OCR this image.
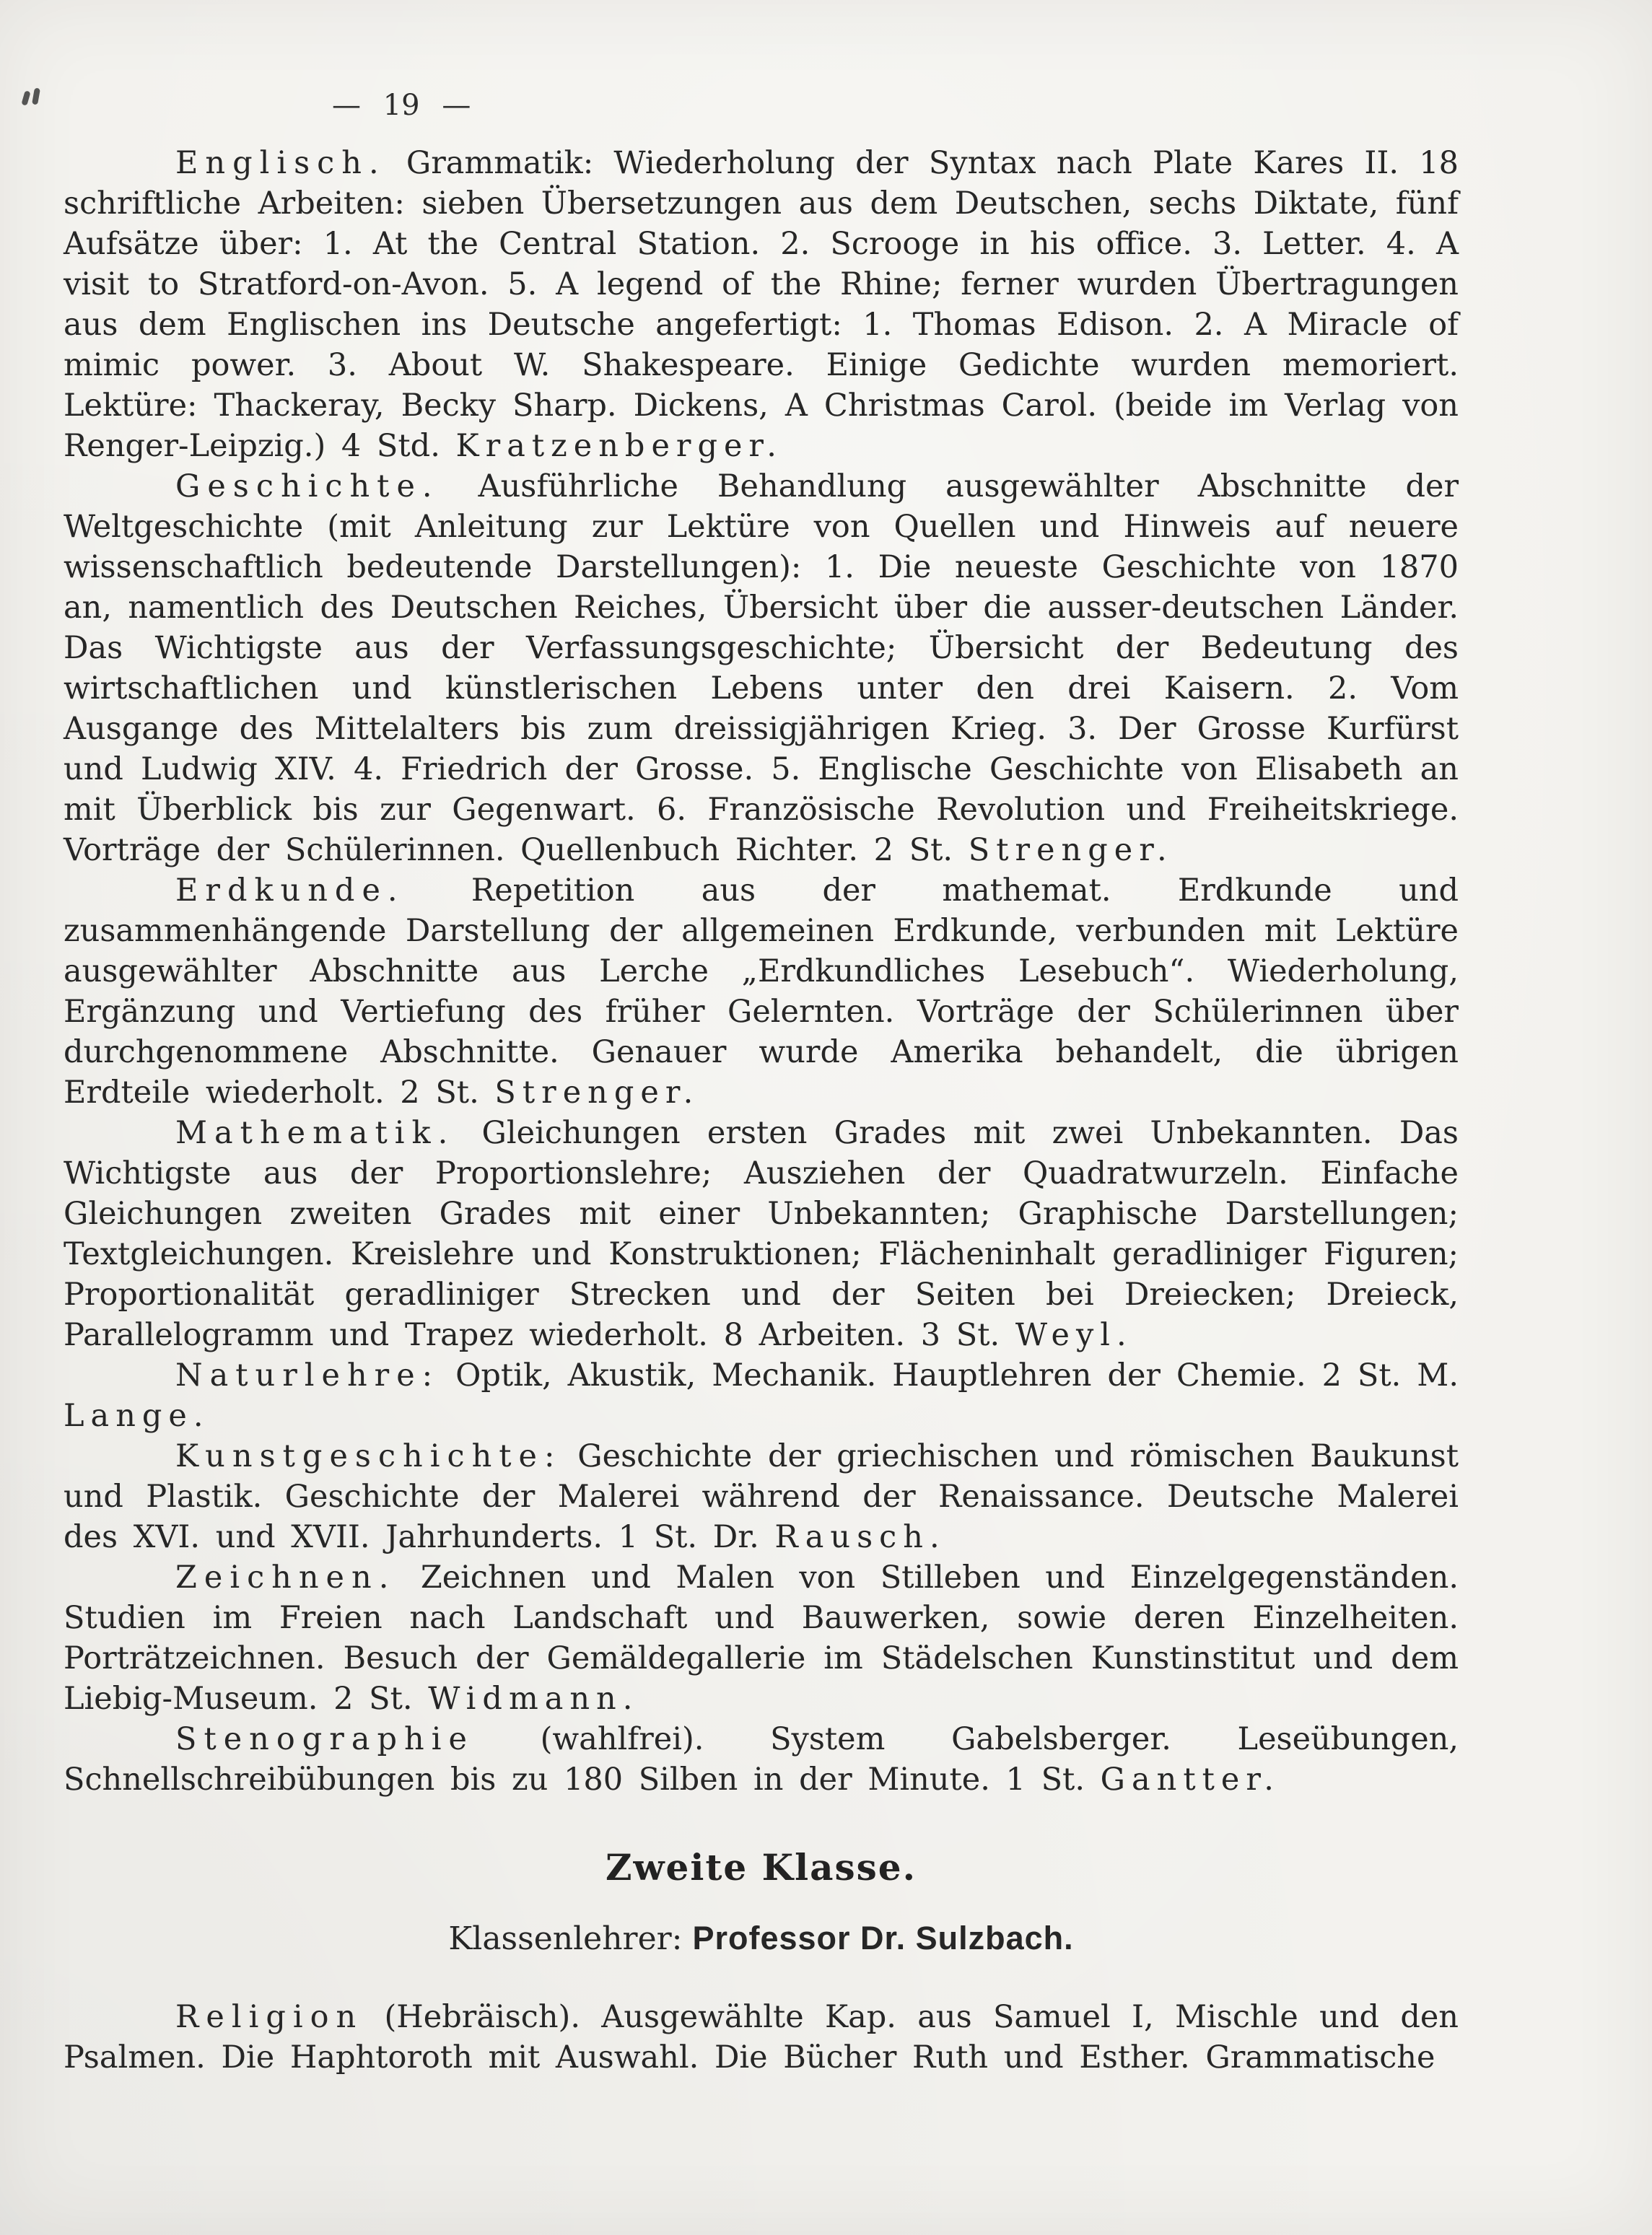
— 19 —

Englisch. Grammatik: Wiederholung der Syntax nach Plate Kares II. 18 schriftliche Arbeiten: sieben Übersetzungen aus dem Deutschen, sechs Diktate, fünf Aufsätze über: 1. At the Central Station. 2. Scrooge in his office. 3. Letter. 4. A visit to Stratford-on-Avon. 5. A legend of the Rhine; ferner wurden Übertragungen aus dem Englischen ins Deutsche angefertigt: 1. Thomas Edison. 2. A Miracle of mimic power. 3. About W. Shakespeare. Einige Gedichte wurden memoriert. Lektüre: Thackeray, Becky Sharp. Dickens, A Christmas Carol. (beide im Verlag von Renger-Leipzig.) 4 Std. Kratzenberger.

Geschichte. Ausführliche Behandlung ausgewählter Abschnitte der Weltgeschichte (mit Anleitung zur Lektüre von Quellen und Hinweis auf neuere wissenschaftlich bedeutende Darstellungen): 1. Die neueste Geschichte von 1870 an, namentlich des Deutschen Reiches, Übersicht über die ausser-deutschen Länder. Das Wichtigste aus der Verfassungsgeschichte; Übersicht der Bedeutung des wirtschaftlichen und künstlerischen Lebens unter den drei Kaisern. 2. Vom Ausgange des Mittelalters bis zum dreissigjährigen Krieg. 3. Der Grosse Kurfürst und Ludwig XIV. 4. Friedrich der Grosse. 5. Englische Geschichte von Elisabeth an mit Überblick bis zur Gegenwart. 6. Französische Revolution und Freiheitskriege. Vorträge der Schülerinnen. Quellenbuch Richter. 2 St. Strenger.

Erdkunde. Repetition aus der mathemat. Erdkunde und zusammenhängende Darstellung der allgemeinen Erdkunde, verbunden mit Lektüre ausgewählter Abschnitte aus Lerche „Erdkundliches Lesebuch“. Wiederholung, Ergänzung und Vertiefung des früher Gelernten. Vorträge der Schülerinnen über durchgenommene Abschnitte. Genauer wurde Amerika behandelt, die übrigen Erdteile wiederholt. 2 St. Strenger.

Mathematik. Gleichungen ersten Grades mit zwei Unbekannten. Das Wichtigste aus der Proportionslehre; Ausziehen der Quadratwurzeln. Einfache Gleichungen zweiten Grades mit einer Unbekannten; Graphische Darstellungen; Textgleichungen. Kreislehre und Konstruktionen; Flächeninhalt geradliniger Figuren; Proportionalität geradliniger Strecken und der Seiten bei Dreiecken; Dreieck, Parallelogramm und Trapez wiederholt. 8 Arbeiten. 3 St. Weyl.

Naturlehre: Optik, Akustik, Mechanik. Hauptlehren der Chemie. 2 St. M. Lange.

Kunstgeschichte: Geschichte der griechischen und römischen Baukunst und Plastik. Geschichte der Malerei während der Renaissance. Deutsche Malerei des XVI. und XVII. Jahrhunderts. 1 St. Dr. Rausch.

Zeichnen. Zeichnen und Malen von Stilleben und Einzelgegenständen. Studien im Freien nach Landschaft und Bauwerken, sowie deren Einzelheiten. Porträtzeichnen. Besuch der Gemäldegallerie im Städelschen Kunstinstitut und dem Liebig-Museum. 2 St. Widmann.

Stenographie (wahlfrei). System Gabelsberger. Leseübungen, Schnellschreibübungen bis zu 180 Silben in der Minute. 1 St. Gantter.

Zweite Klasse.

Klassenlehrer: Professor Dr. Sulzbach.

Religion (Hebräisch). Ausgewählte Kap. aus Samuel I, Mischle und den Psalmen. Die Haphtoroth mit Auswahl. Die Bücher Ruth und Esther. Grammatische
